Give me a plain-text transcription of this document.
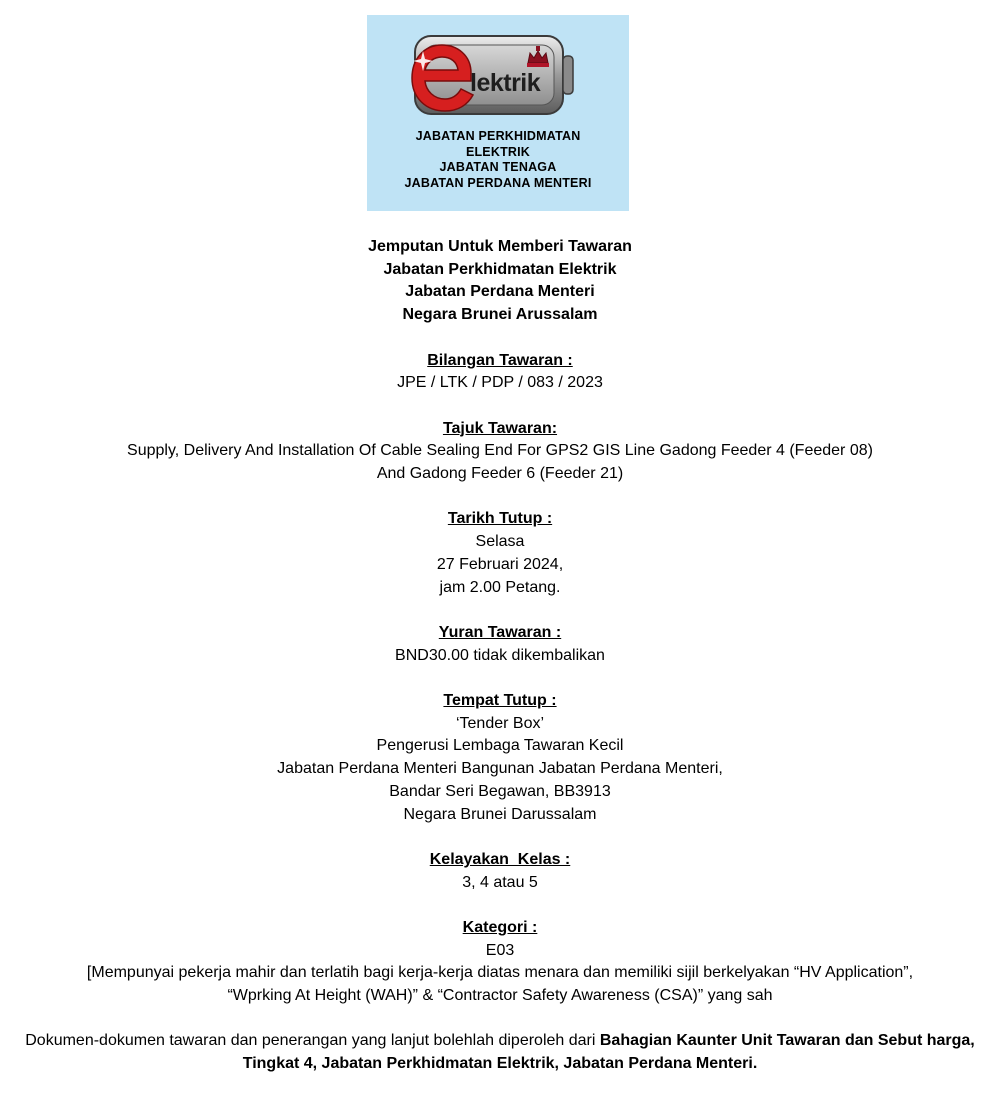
lektrik
JABATAN PERKHIDMATAN
ELEKTRIK
JABATAN TENAGA
JABATAN PERDANA MENTERI
Jemputan Untuk Memberi Tawaran
Jabatan Perkhidmatan Elektrik
Jabatan Perdana Menteri
Negara Brunei Arussalam
Bilangan Tawaran :
JPE / LTK / PDP / 083 / 2023
Tajuk Tawaran:
Supply, Delivery And Installation Of Cable Sealing End For GPS2 GIS Line Gadong Feeder 4 (Feeder 08)
And Gadong Feeder 6 (Feeder 21)
Tarikh Tutup :
Selasa
27 Februari 2024,
jam 2.00 Petang.
Yuran Tawaran :
BND30.00 tidak dikembalikan
Tempat Tutup :
‘Tender Box’
Pengerusi Lembaga Tawaran Kecil
Jabatan Perdana Menteri Bangunan Jabatan Perdana Menteri,
Bandar Seri Begawan, BB3913
Negara Brunei Darussalam
Kelayakan  Kelas :
3, 4 atau 5
Kategori :
E03
[Mempunyai pekerja mahir dan terlatih bagi kerja-kerja diatas menara dan memiliki sijil berkelyakan “HV Application”,
“Wprking At Height (WAH)” & “Contractor Safety Awareness (CSA)” yang sah
Dokumen-dokumen tawaran dan penerangan yang lanjut bolehlah diperoleh dari Bahagian Kaunter Unit Tawaran dan Sebut harga, Tingkat 4, Jabatan Perkhidmatan Elektrik, Jabatan Perdana Menteri.
